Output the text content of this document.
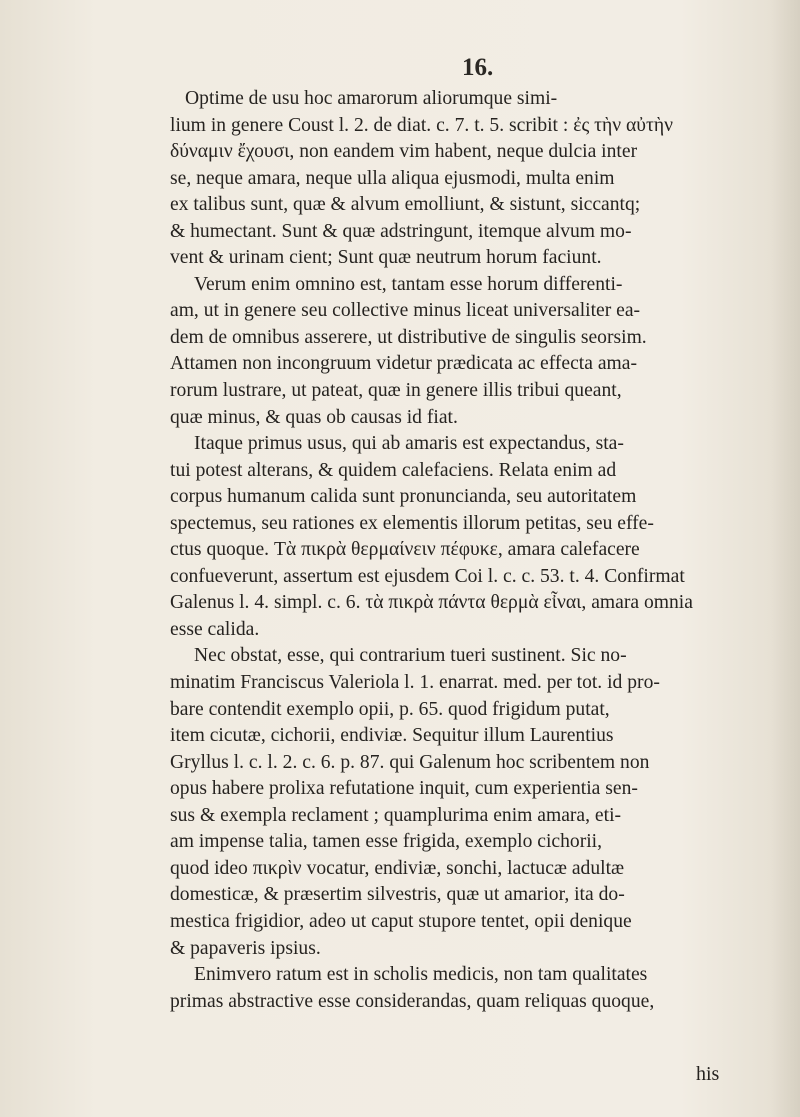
16.
Optime de usu hoc amarorum aliorumque simi-
lium in genere Coust l. 2. de diat. c. 7. t. 5. scribit : ἐς τὴν αὐτὴν
δύναμιν ἔχουσι, non eandem vim habent, neque dulcia inter
se, neque amara, neque ulla aliqua ejusmodi, multa enim
ex talibus sunt, quæ & alvum emolliunt, & sistunt, siccantq;
& humectant. Sunt & quæ adstringunt, itemque alvum mo-
vent & urinam cient; Sunt quæ neutrum horum faciunt.
Verum enim omnino est, tantam esse horum differenti-
am, ut in genere seu collective minus liceat universaliter ea-
dem de omnibus asserere, ut distributive de singulis seorsim.
Attamen non incongruum videtur prædicata ac effecta ama-
rorum lustrare, ut pateat, quæ in genere illis tribui queant,
quæ minus, & quas ob causas id fiat.
Itaque primus usus, qui ab amaris est expectandus, sta-
tui potest alterans, & quidem calefaciens. Relata enim ad
corpus humanum calida sunt pronuncianda, seu autoritatem
spectemus, seu rationes ex elementis illorum petitas, seu effe-
ctus quoque. Τὰ πικρὰ θερμαίνειν πέφυκε, amara calefacere
confueverunt, assertum est ejusdem Coi l. c. c. 53. t. 4. Confirmat
Galenus l. 4. simpl. c. 6. τὰ πικρὰ πάντα θερμὰ εἶναι, amara omnia
esse calida.
Nec obstat, esse, qui contrarium tueri sustinent. Sic no-
minatim Franciscus Valeriola l. 1. enarrat. med. per tot. id pro-
bare contendit exemplo opii, p. 65. quod frigidum putat,
item cicutæ, cichorii, endiviæ. Sequitur illum Laurentius
Gryllus l. c. l. 2. c. 6. p. 87. qui Galenum hoc scribentem non
opus habere prolixa refutatione inquit, cum experientia sen-
sus & exempla reclament ; quamplurima enim amara, eti-
am impense talia, tamen esse frigida, exemplo cichorii,
quod ideo πικρὶν vocatur, endiviæ, sonchi, lactucæ adultæ
domesticæ, & præsertim silvestris, quæ ut amarior, ita do-
mestica frigidior, adeo ut caput stupore tentet, opii denique
& papaveris ipsius.
Enimvero ratum est in scholis medicis, non tam qualitates
primas abstractive esse considerandas, quam reliquas quoque,
his
